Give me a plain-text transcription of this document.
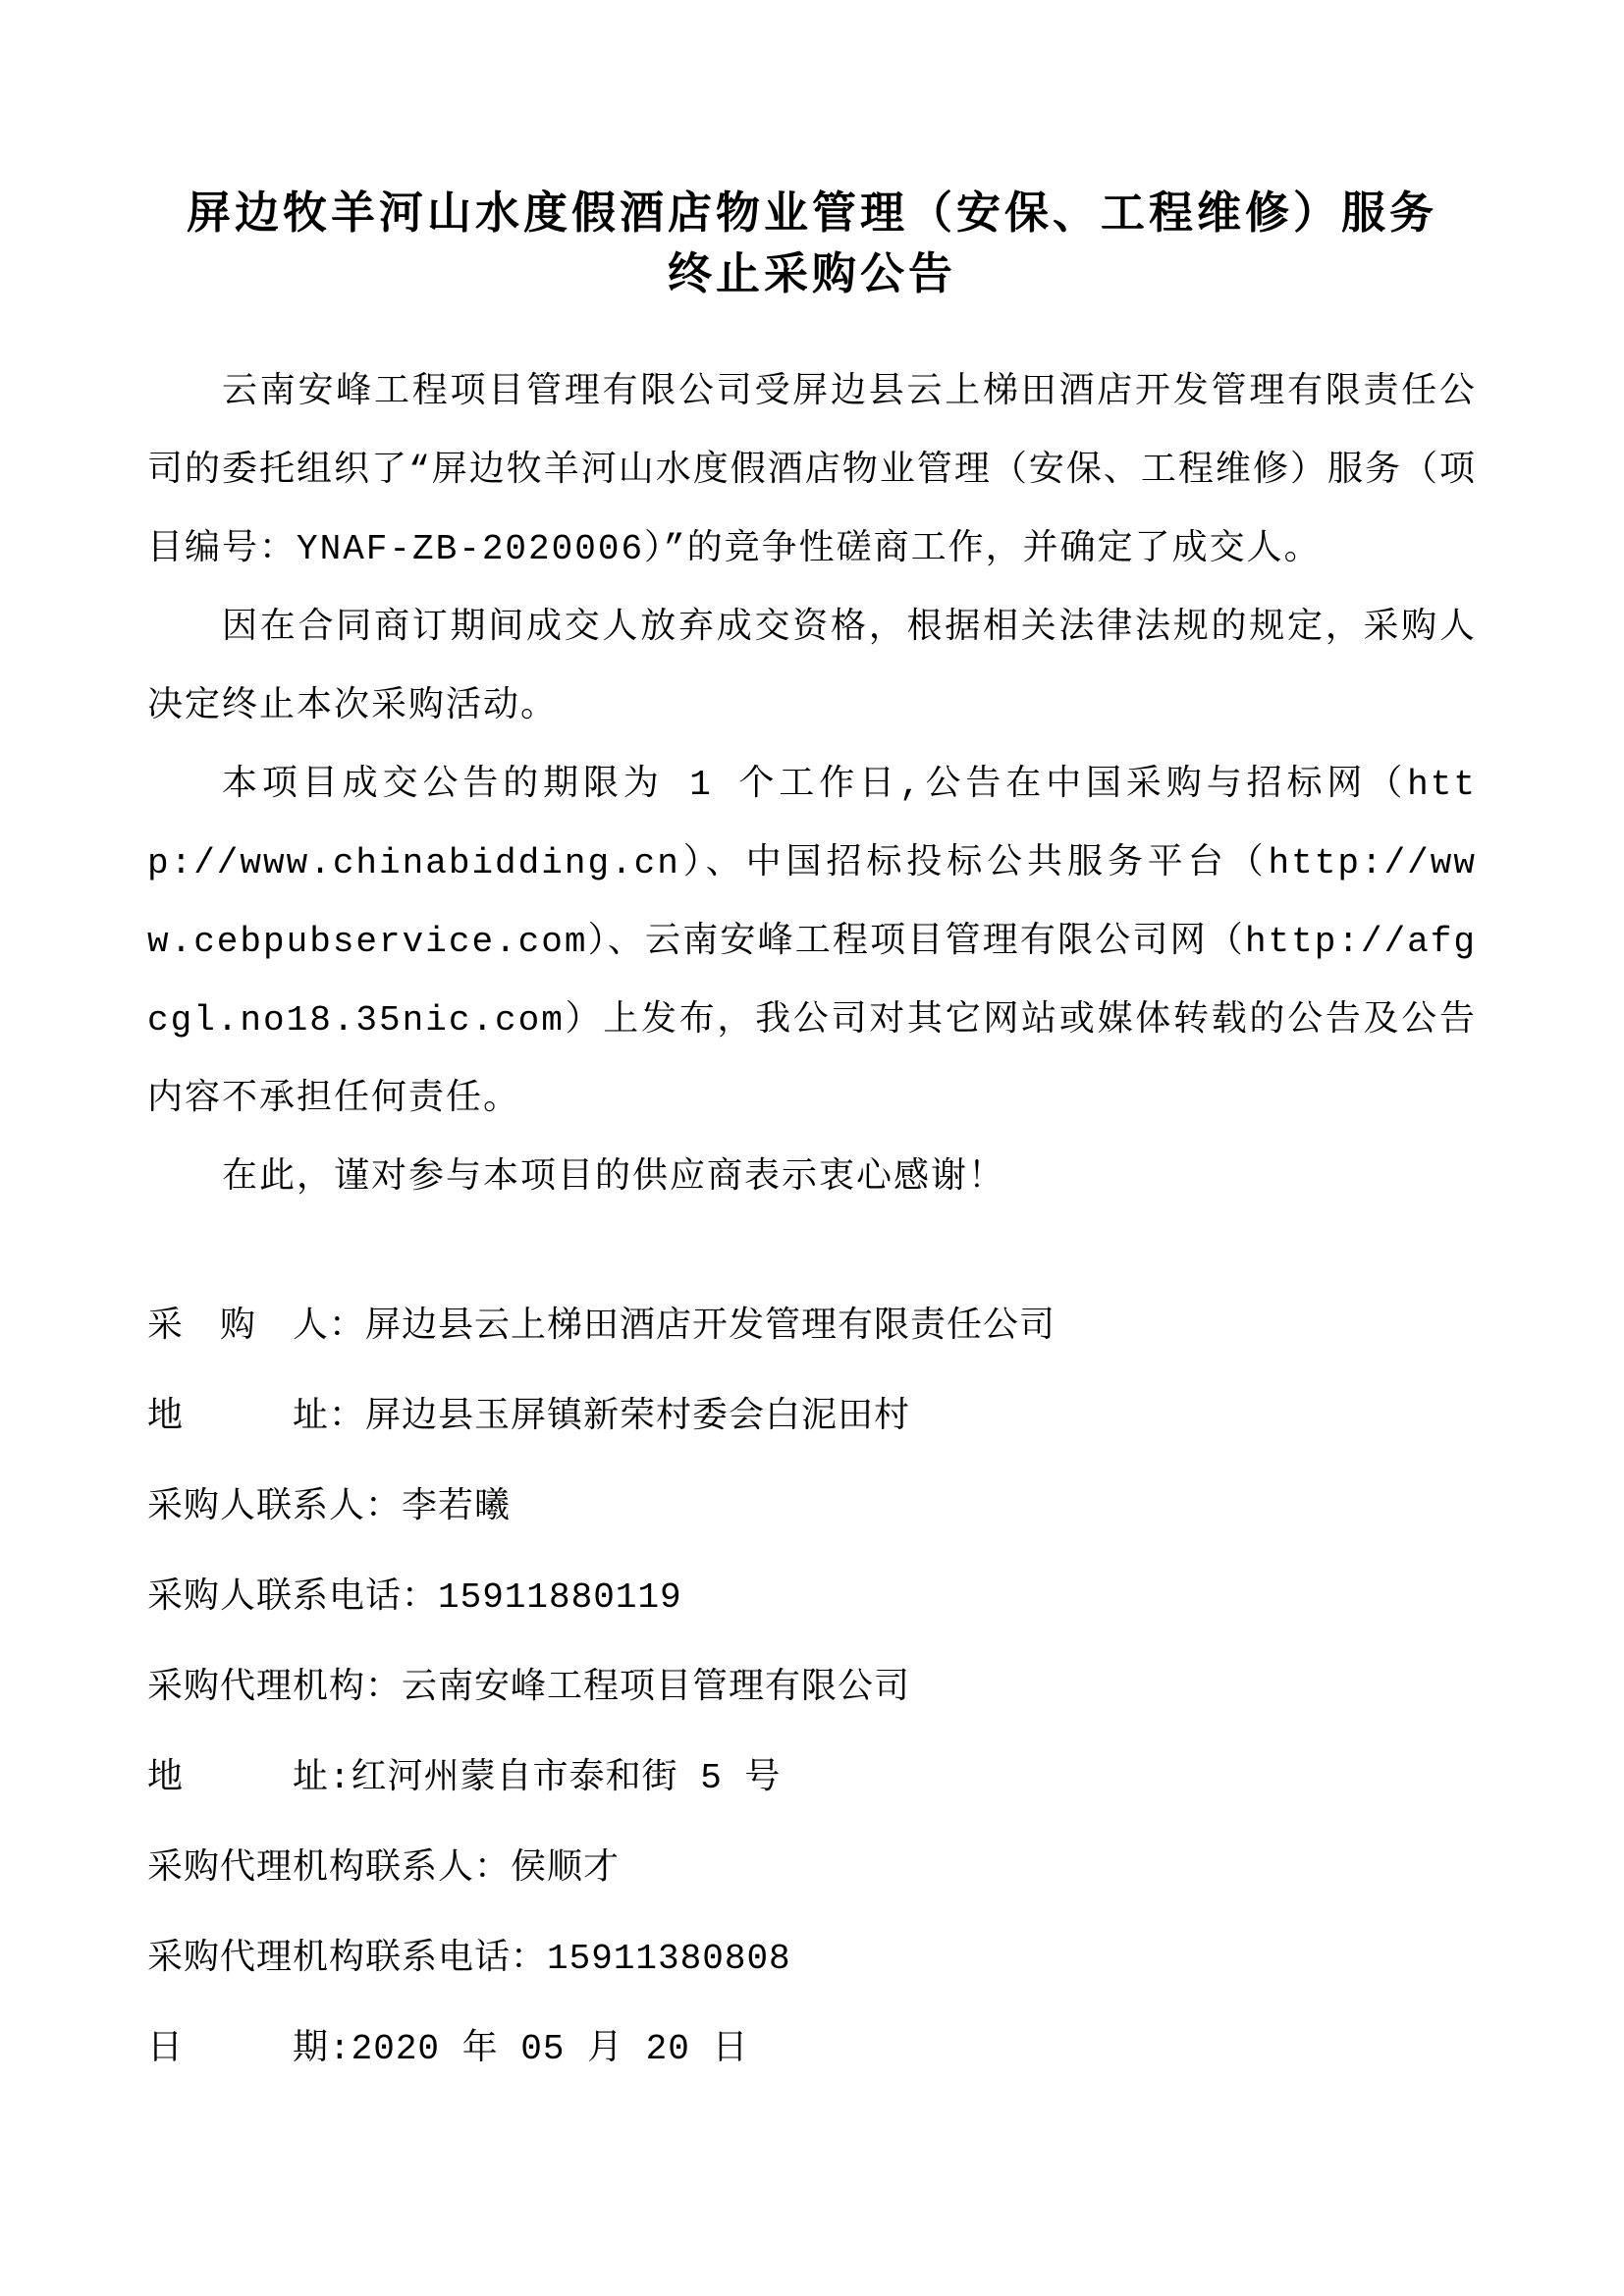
屏边牧羊河山水度假酒店物业管理（安保、工程维修）服务
终止采购公告

云南安峰工程项目管理有限公司受屏边县云上梯田酒店开发管理有限责任公司的委托组织了“屏边牧羊河山水度假酒店物业管理（安保、工程维修）服务（项目编号：YNAF-ZB-2020006）”的竞争性磋商工作，并确定了成交人。

因在合同商订期间成交人放弃成交资格，根据相关法律法规的规定，采购人决定终止本次采购活动。

本项目成交公告的期限为 1 个工作日,公告在中国采购与招标网（http://www.chinabidding.cn）、中国招标投标公共服务平台（http://www.cebpubservice.com）、云南安峰工程项目管理有限公司网（http://afgcgl.no18.35nic.com）上发布，我公司对其它网站或媒体转载的公告及公告内容不承担任何责任。

在此，谨对参与本项目的供应商表示衷心感谢！

采　购　人：屏边县云上梯田酒店开发管理有限责任公司

地　　　址：屏边县玉屏镇新荣村委会白泥田村

采购人联系人：李若曦

采购人联系电话：15911880119

采购代理机构：云南安峰工程项目管理有限公司

地　　　址:红河州蒙自市泰和街 5 号

采购代理机构联系人：侯顺才

采购代理机构联系电话：15911380808

日　　　期:2020 年 05 月 20 日
